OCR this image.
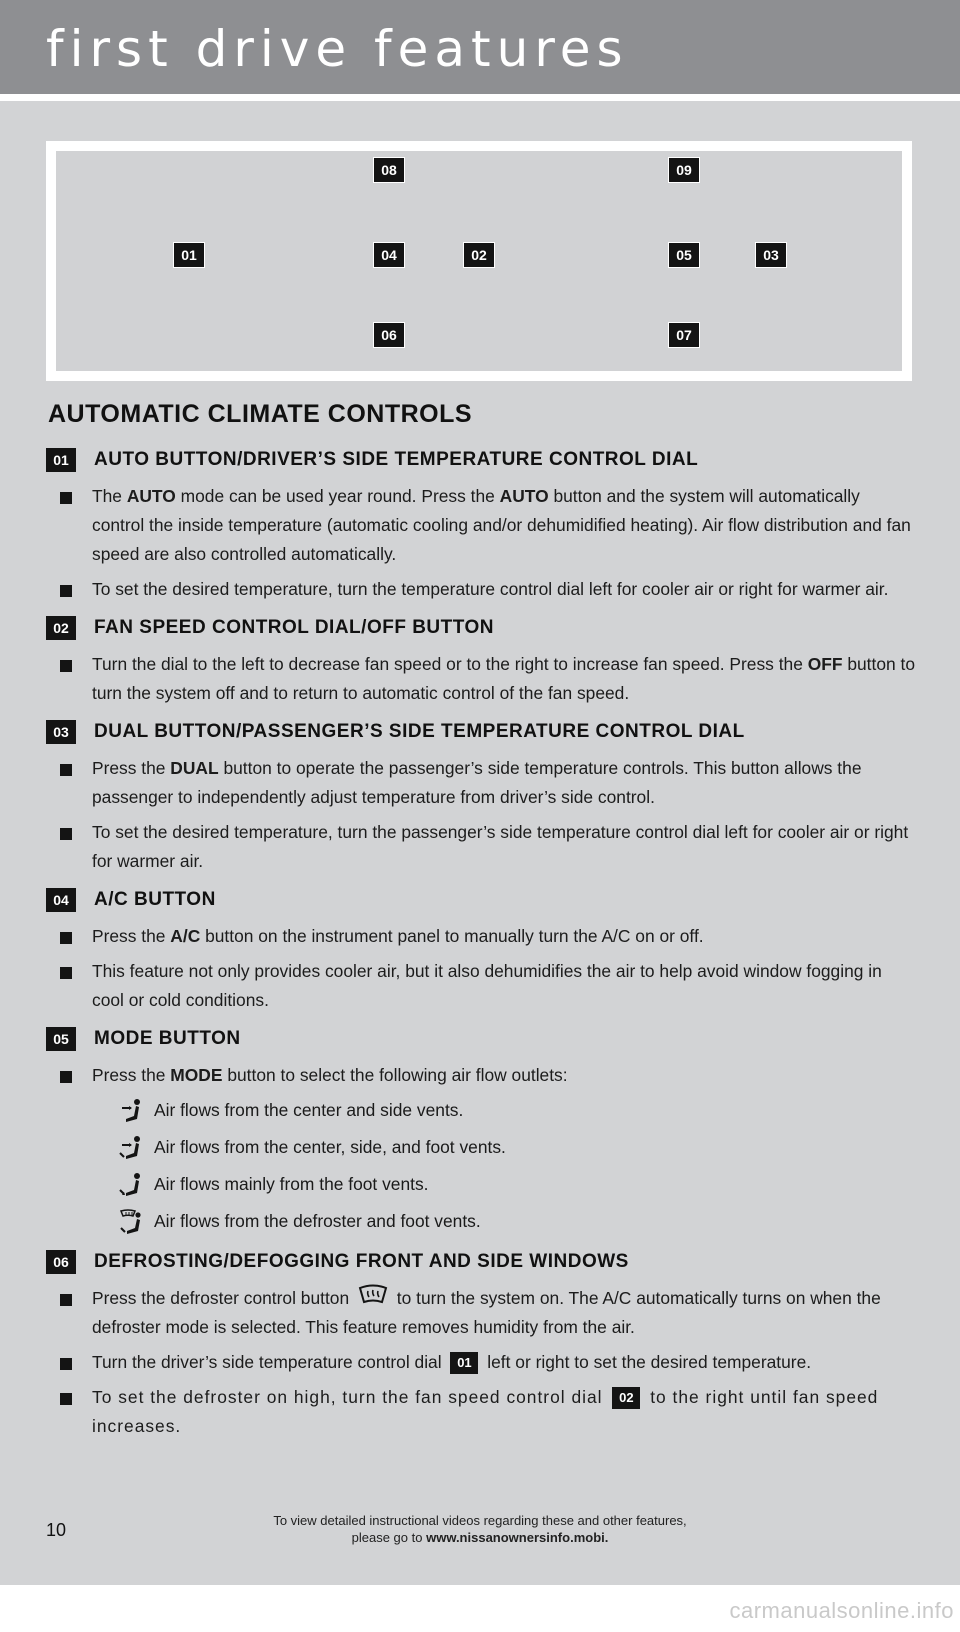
first drive features
08	09
01	04	02	05	03
06	07
AUTOMATIC CLIMATE CONTROLS
01	AUTO BUTTON/DRIVER’S SIDE TEMPERATURE CONTROL DIAL
The AUTO mode can be used year round. Press the AUTO button and the system will automatically control the inside temperature (automatic cooling and/or dehumidified heating). Air flow distribution and fan speed are also controlled automatically.
To set the desired temperature, turn the temperature control dial left for cooler air or right for warmer air.
02	FAN SPEED CONTROL DIAL/OFF BUTTON
Turn the dial to the left to decrease fan speed or to the right to increase fan speed. Press the OFF button to turn the system off and to return to automatic control of the fan speed.
03	DUAL BUTTON/PASSENGER’S SIDE TEMPERATURE CONTROL DIAL
Press the DUAL button to operate the passenger’s side temperature controls. This button allows the passenger to independently adjust temperature from driver’s side control.
To set the desired temperature, turn the passenger’s side temperature control dial left for cooler air or right for warmer air.
04	A/C BUTTON
Press the A/C button on the instrument panel to manually turn the A/C on or off.
This feature not only provides cooler air, but it also dehumidifies the air to help avoid window fogging in cool or cold conditions.
05	MODE BUTTON
Press the MODE button to select the following air flow outlets:
Air flows from the center and side vents.
Air flows from the center, side, and foot vents.
Air flows mainly from the foot vents.
Air flows from the defroster and foot vents.
06	DEFROSTING/DEFOGGING FRONT AND SIDE WINDOWS
Press the defroster control button  to turn the system on. The A/C automatically turns on when the defroster mode is selected. This feature removes humidity from the air.
Turn the driver’s side temperature control dial 01 left or right to set the desired temperature.
To set the defroster on high, turn the fan speed control dial 02 to the right until fan speed increases.
To view detailed instructional videos regarding these and other features,
please go to www.nissanownersinfo.mobi.
10
carmanualsonline.info
